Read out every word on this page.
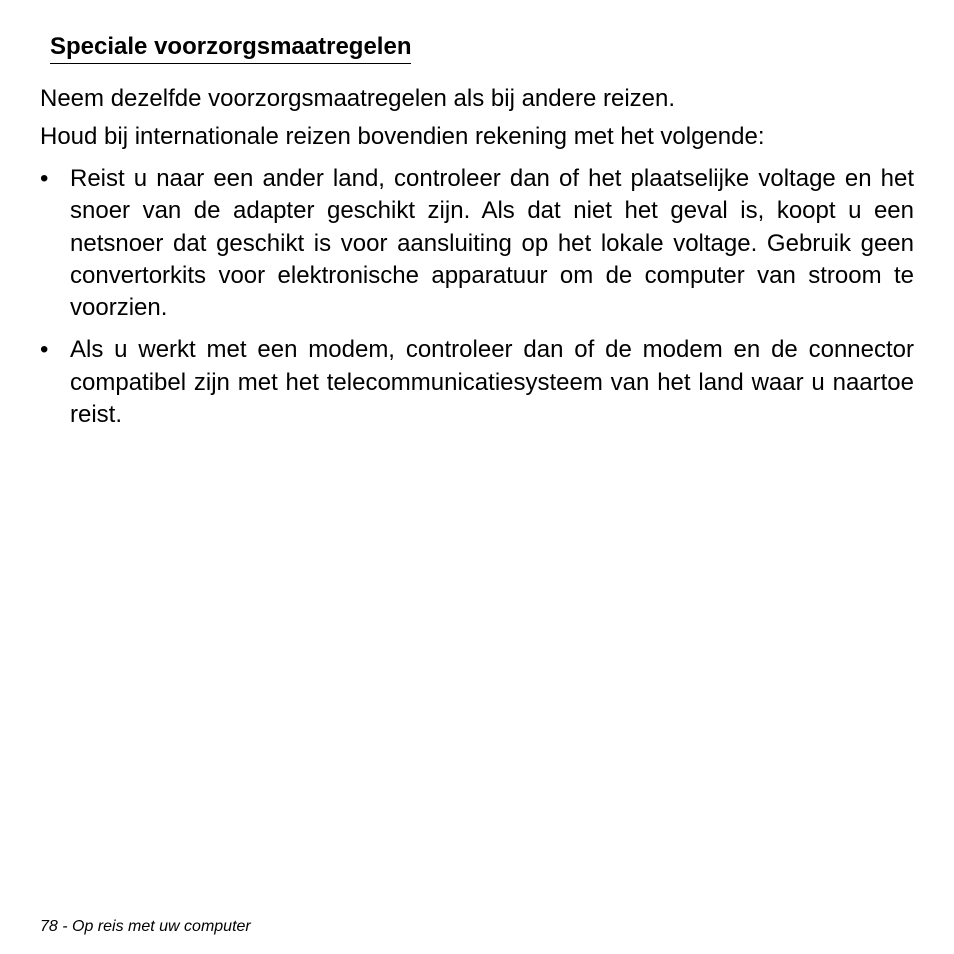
Speciale voorzorgsmaatregelen

Neem dezelfde voorzorgsmaatregelen als bij andere reizen.

Houd bij internationale reizen bovendien rekening met het volgende:

• Reist u naar een ander land, controleer dan of het plaatselijke voltage en het snoer van de adapter geschikt zijn. Als dat niet het geval is, koopt u een netsnoer dat geschikt is voor aansluiting op het lokale voltage. Gebruik geen convertorkits voor elektronische apparatuur om de computer van stroom te voorzien.
• Als u werkt met een modem, controleer dan of de modem en de connector compatibel zijn met het telecommunicatiesysteem van het land waar u naartoe reist.

78 - Op reis met uw computer
